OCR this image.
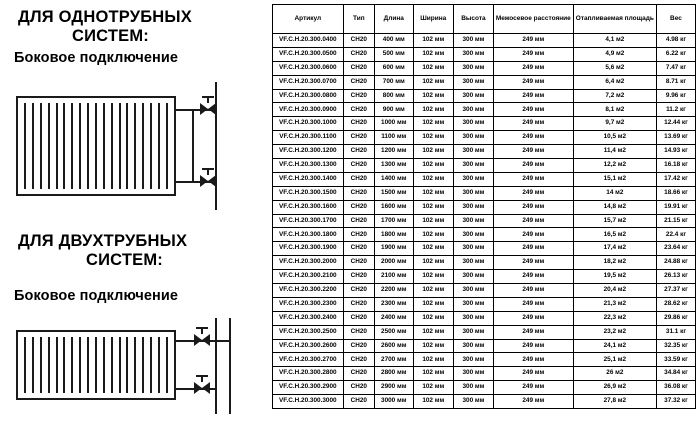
ДЛЯ ОДНОТРУБНЫХ
СИСТЕМ:
Боковое подключение
ДЛЯ ДВУХТРУБНЫХ
СИСТЕМ:
Боковое подключение
Артикул	Тип	Длина	Ширина	Высота	Межосевое расстояние	Отапливаемая площадь	Вес
VF.C.H.20.300.0400	CH20	400 мм	102 мм	300 мм	249 мм	4,1 м2	4.98 кг
VF.C.H.20.300.0500	CH20	500 мм	102 мм	300 мм	249 мм	4,9 м2	6.22 кг
VF.C.H.20.300.0600	CH20	600 мм	102 мм	300 мм	249 мм	5,6 м2	7.47 кг
VF.C.H.20.300.0700	CH20	700 мм	102 мм	300 мм	249 мм	6,4 м2	8.71 кг
VF.C.H.20.300.0800	CH20	800 мм	102 мм	300 мм	249 мм	7,2 м2	9.96 кг
VF.C.H.20.300.0900	CH20	900 мм	102 мм	300 мм	249 мм	8,1 м2	11.2 кг
VF.C.H.20.300.1000	CH20	1000 мм	102 мм	300 мм	249 мм	9,7 м2	12.44 кг
VF.C.H.20.300.1100	CH20	1100 мм	102 мм	300 мм	249 мм	10,5 м2	13.69 кг
VF.C.H.20.300.1200	CH20	1200 мм	102 мм	300 мм	249 мм	11,4 м2	14.93 кг
VF.C.H.20.300.1300	CH20	1300 мм	102 мм	300 мм	249 мм	12,2 м2	16.18 кг
VF.C.H.20.300.1400	CH20	1400 мм	102 мм	300 мм	249 мм	15,1 м2	17.42 кг
VF.C.H.20.300.1500	CH20	1500 мм	102 мм	300 мм	249 мм	14 м2	18.66 кг
VF.C.H.20.300.1600	CH20	1600 мм	102 мм	300 мм	249 мм	14,8 м2	19.91 кг
VF.C.H.20.300.1700	CH20	1700 мм	102 мм	300 мм	249 мм	15,7 м2	21.15 кг
VF.C.H.20.300.1800	CH20	1800 мм	102 мм	300 мм	249 мм	16,5 м2	22.4 кг
VF.C.H.20.300.1900	CH20	1900 мм	102 мм	300 мм	249 мм	17,4 м2	23.64 кг
VF.C.H.20.300.2000	CH20	2000 мм	102 мм	300 мм	249 мм	18,2 м2	24.88 кг
VF.C.H.20.300.2100	CH20	2100 мм	102 мм	300 мм	249 мм	19,5 м2	26.13 кг
VF.C.H.20.300.2200	CH20	2200 мм	102 мм	300 мм	249 мм	20,4 м2	27.37 кг
VF.C.H.20.300.2300	CH20	2300 мм	102 мм	300 мм	249 мм	21,3 м2	28.62 кг
VF.C.H.20.300.2400	CH20	2400 мм	102 мм	300 мм	249 мм	22,3 м2	29.86 кг
VF.C.H.20.300.2500	CH20	2500 мм	102 мм	300 мм	249 мм	23,2 м2	31.1 кг
VF.C.H.20.300.2600	CH20	2600 мм	102 мм	300 мм	249 мм	24,1 м2	32.35 кг
VF.C.H.20.300.2700	CH20	2700 мм	102 мм	300 мм	249 мм	25,1 м2	33.59 кг
VF.C.H.20.300.2800	CH20	2800 мм	102 мм	300 мм	249 мм	26 м2	34.84 кг
VF.C.H.20.300.2900	CH20	2900 мм	102 мм	300 мм	249 мм	26,9 м2	36.08 кг
VF.C.H.20.300.3000	CH20	3000 мм	102 мм	300 мм	249 мм	27,8 м2	37.32 кг
